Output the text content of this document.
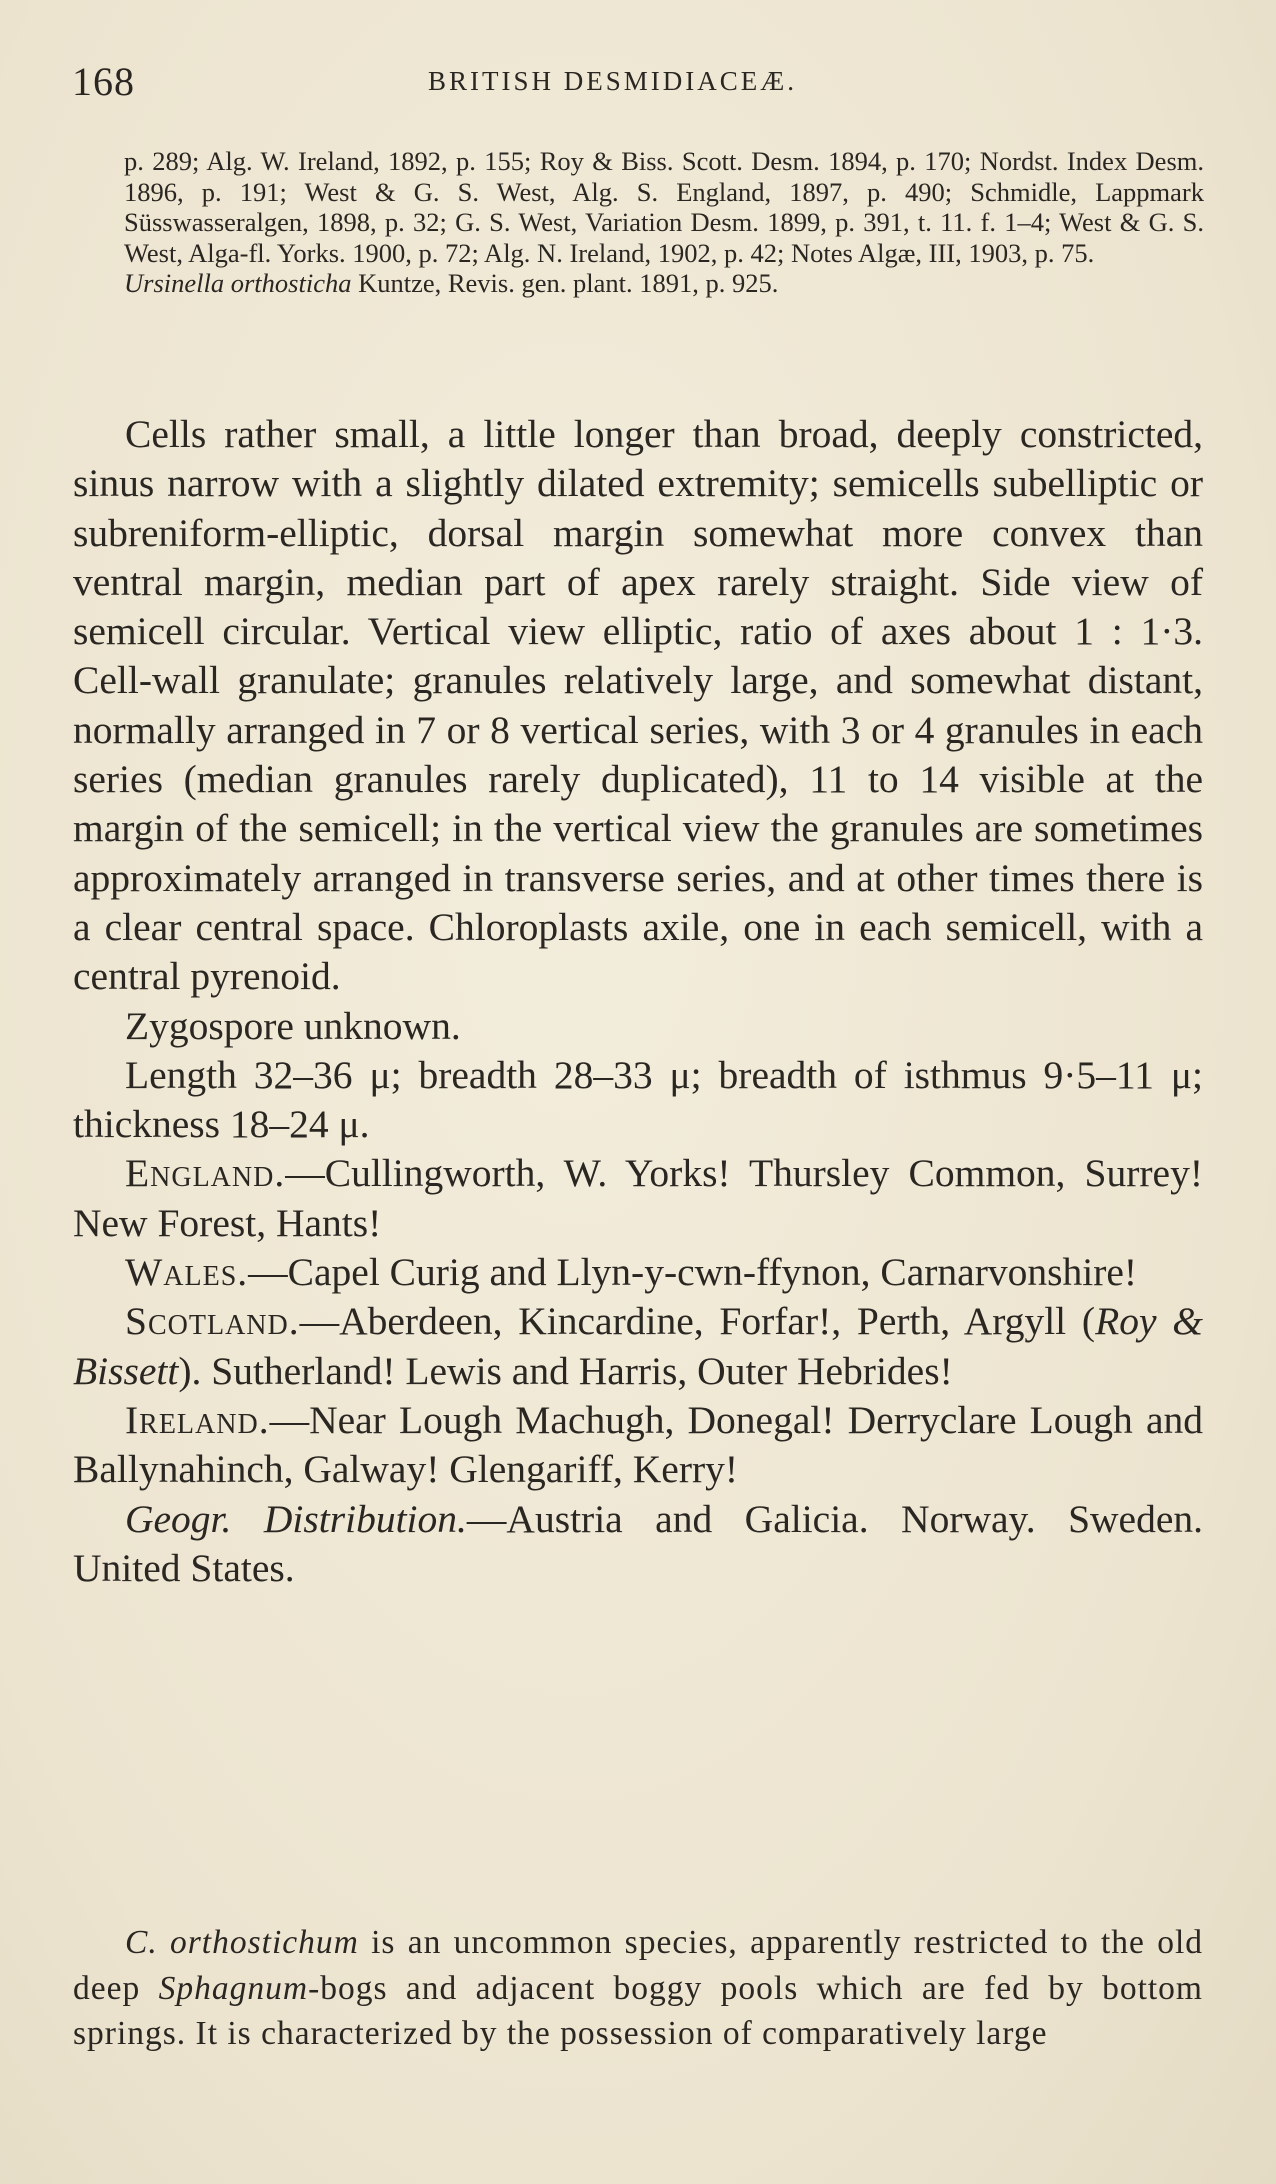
168	BRITISH DESMIDIACEÆ.

p. 289; Alg. W. Ireland, 1892, p. 155; Roy & Biss. Scott. Desm. 1894, p. 170; Nordst. Index Desm. 1896, p. 191; West & G. S. West, Alg. S. England, 1897, p. 490; Schmidle, Lappmark Süsswasseralgen, 1898, p. 32; G. S. West, Variation Desm. 1899, p. 391, t. 11. f. 1–4; West & G. S. West, Alga-fl. Yorks. 1900, p. 72; Alg. N. Ireland, 1902, p. 42; Notes Algæ, III, 1903, p. 75.

Ursinella orthosticha Kuntze, Revis. gen. plant. 1891, p. 925.

Cells rather small, a little longer than broad, deeply constricted, sinus narrow with a slightly dilated extremity; semicells subelliptic or subreniform-elliptic, dorsal margin somewhat more convex than ventral margin, median part of apex rarely straight. Side view of semicell circular. Vertical view elliptic, ratio of axes about 1 : 1·3. Cell-wall granulate; granules relatively large, and somewhat distant, normally arranged in 7 or 8 vertical series, with 3 or 4 granules in each series (median granules rarely duplicated), 11 to 14 visible at the margin of the semicell; in the vertical view the granules are sometimes approximately arranged in transverse series, and at other times there is a clear central space. Chloroplasts axile, one in each semicell, with a central pyrenoid.

Zygospore unknown.

Length 32–36 μ; breadth 28–33 μ; breadth of isthmus 9·5–11 μ; thickness 18–24 μ.

England.—Cullingworth, W. Yorks! Thursley Common, Surrey! New Forest, Hants!

Wales.—Capel Curig and Llyn-y-cwn-ffynon, Carnarvonshire!

Scotland.—Aberdeen, Kincardine, Forfar!, Perth, Argyll (Roy & Bissett). Sutherland! Lewis and Harris, Outer Hebrides!

Ireland.—Near Lough Machugh, Donegal! Derryclare Lough and Ballynahinch, Galway! Glengariff, Kerry!

Geogr. Distribution.—Austria and Galicia. Norway. Sweden. United States.

C. orthostichum is an uncommon species, apparently restricted to the old deep Sphagnum-bogs and adjacent boggy pools which are fed by bottom springs. It is characterized by the possession of comparatively large
